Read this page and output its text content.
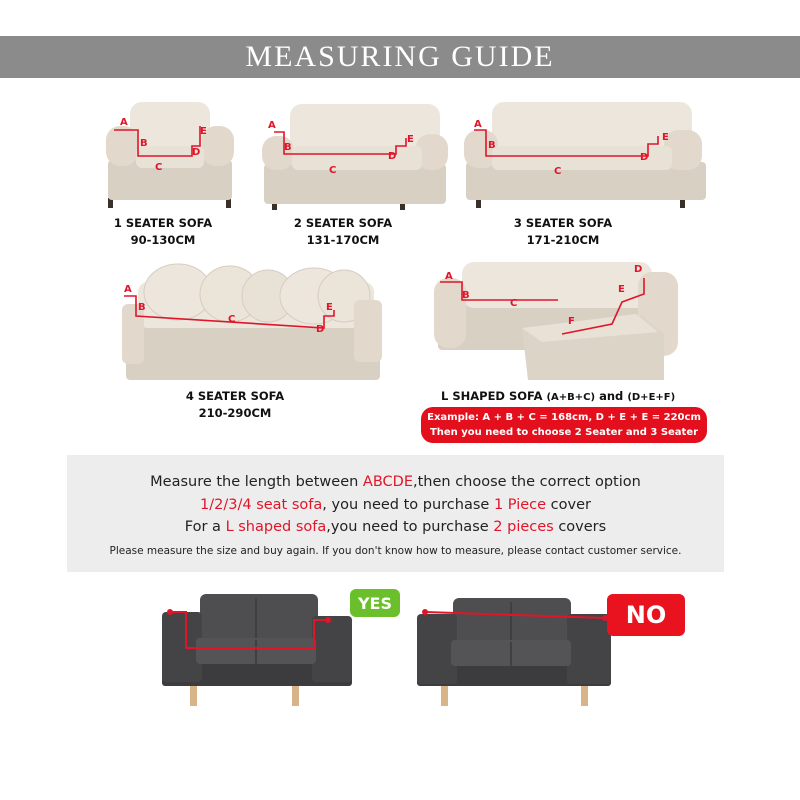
MEASURING GUIDE
A
B
C
D
E
1 SEATER SOFA
90-130CM
A
B
C
D
E
2 SEATER SOFA
131-170CM
A
B
C
D
E
3 SEATER SOFA
171-210CM
A
B
C
D
E
4 SEATER SOFA
210-290CM
A
B
C
D
E
F
L SHAPED SOFA (A+B+C) and (D+E+F)
Example: A + B + C = 168cm, D + E + E = 220cm
Then you need to choose 2 Seater and 3 Seater
Measure the length between ABCDE,then choose the correct option
1/2/3/4 seat sofa, you need to purchase 1 Piece cover
For a L shaped sofa,you need to purchase 2 pieces covers
Please measure the size and buy again. If you don't know how to measure, please contact customer service.
YES	NO
